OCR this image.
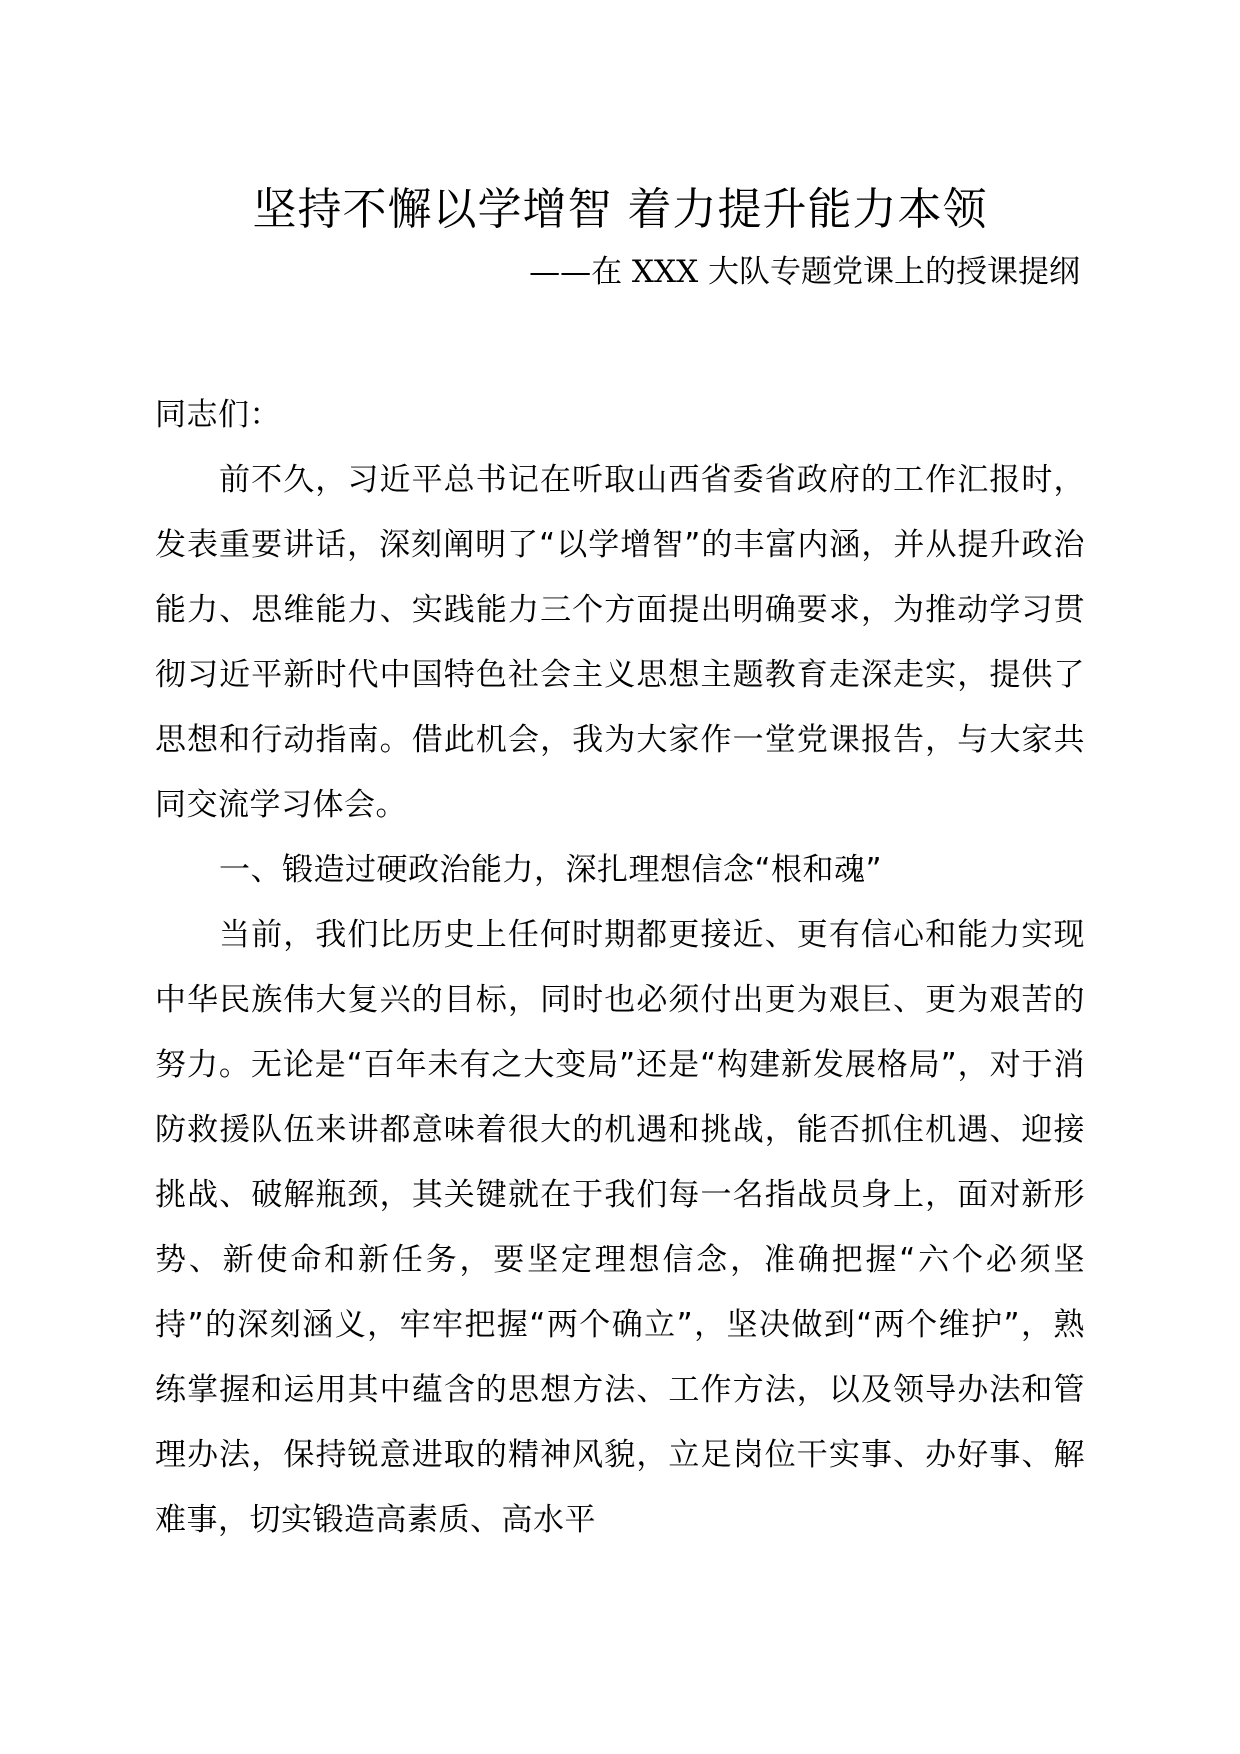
坚持不懈以学增智 着力提升能力本领

——在 XXX 大队专题党课上的授课提纲

同志们：

前不久，习近平总书记在听取山西省委省政府的工作汇报时，发表重要讲话，深刻阐明了“以学增智”的丰富内涵，并从提升政治能力、思维能力、实践能力三个方面提出明确要求，为推动学习贯彻习近平新时代中国特色社会主义思想主题教育走深走实，提供了思想和行动指南。借此机会，我为大家作一堂党课报告，与大家共同交流学习体会。

一、锻造过硬政治能力，深扎理想信念“根和魂”

当前，我们比历史上任何时期都更接近、更有信心和能力实现中华民族伟大复兴的目标，同时也必须付出更为艰巨、更为艰苦的努力。无论是“百年未有之大变局”还是“构建新发展格局”，对于消防救援队伍来讲都意味着很大的机遇和挑战，能否抓住机遇、迎接挑战、破解瓶颈，其关键就在于我们每一名指战员身上，面对新形势、新使命和新任务，要坚定理想信念，准确把握“六个必须坚持”的深刻涵义，牢牢把握“两个确立”，坚决做到“两个维护”，熟练掌握和运用其中蕴含的思想方法、工作方法，以及领导办法和管理办法，保持锐意进取的精神风貌，立足岗位干实事、办好事、解难事，切实锻造高素质、高水平
